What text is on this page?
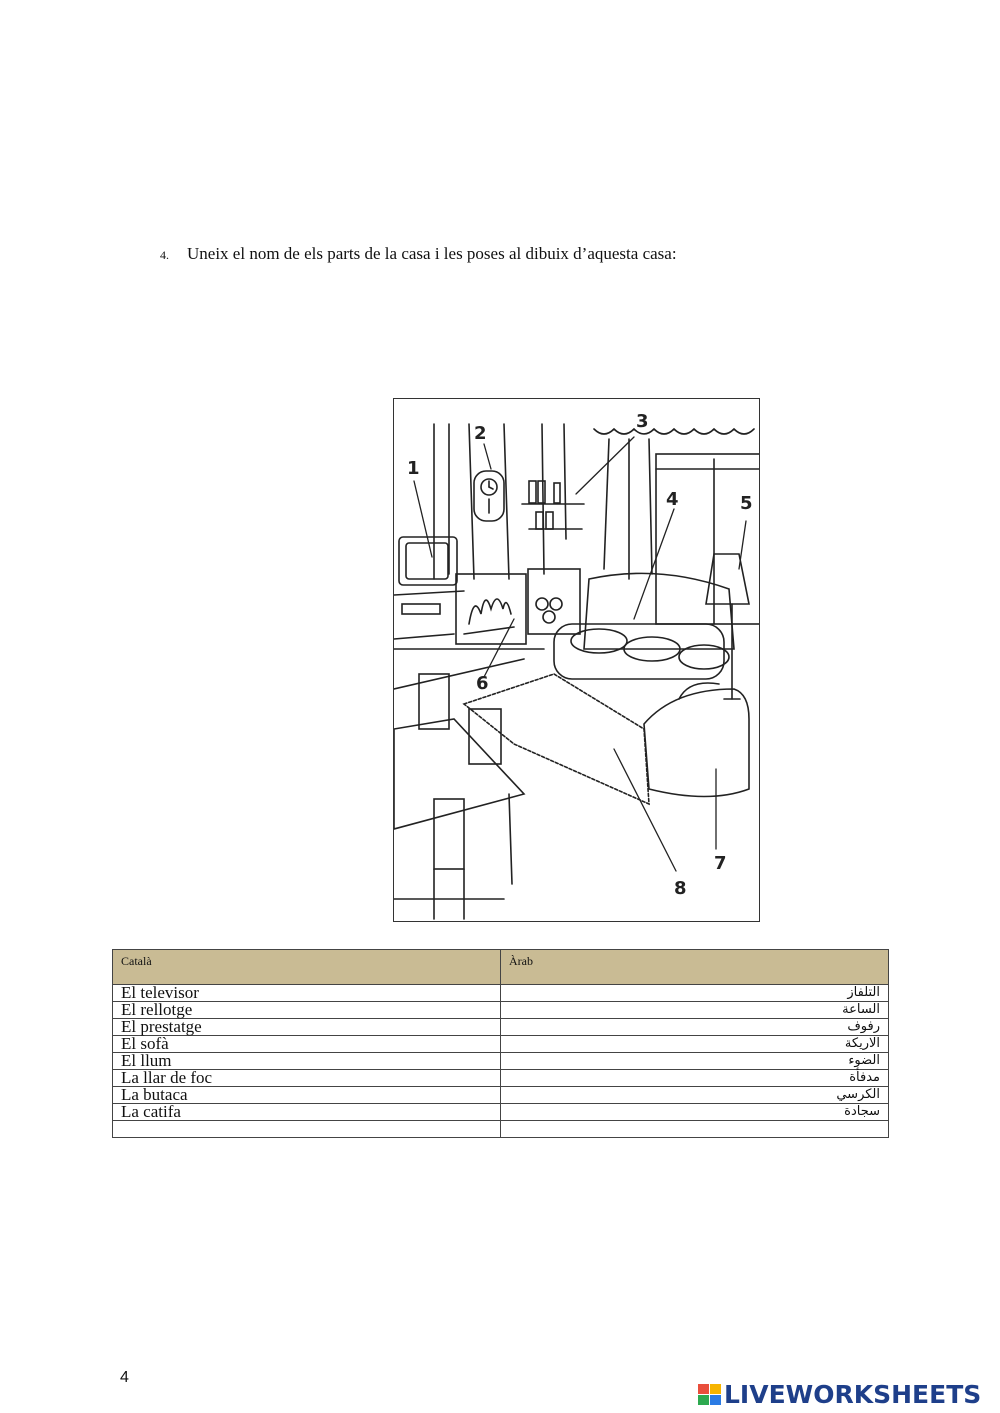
4. Uneix el nom de els parts de la casa i les poses al dibuix d’aquesta casa:
1
2
3
4	5
6
7
8
Català	Àrab
El televisor	التلفاز
El rellotge	الساعة
El prestatge	رفوف
El sofà	الاريكة
El llum	الضوء
La llar de foc	مدفأة
La butaca	الكرسي
La catifa	سجادة

4
LIVEWORKSHEETS
